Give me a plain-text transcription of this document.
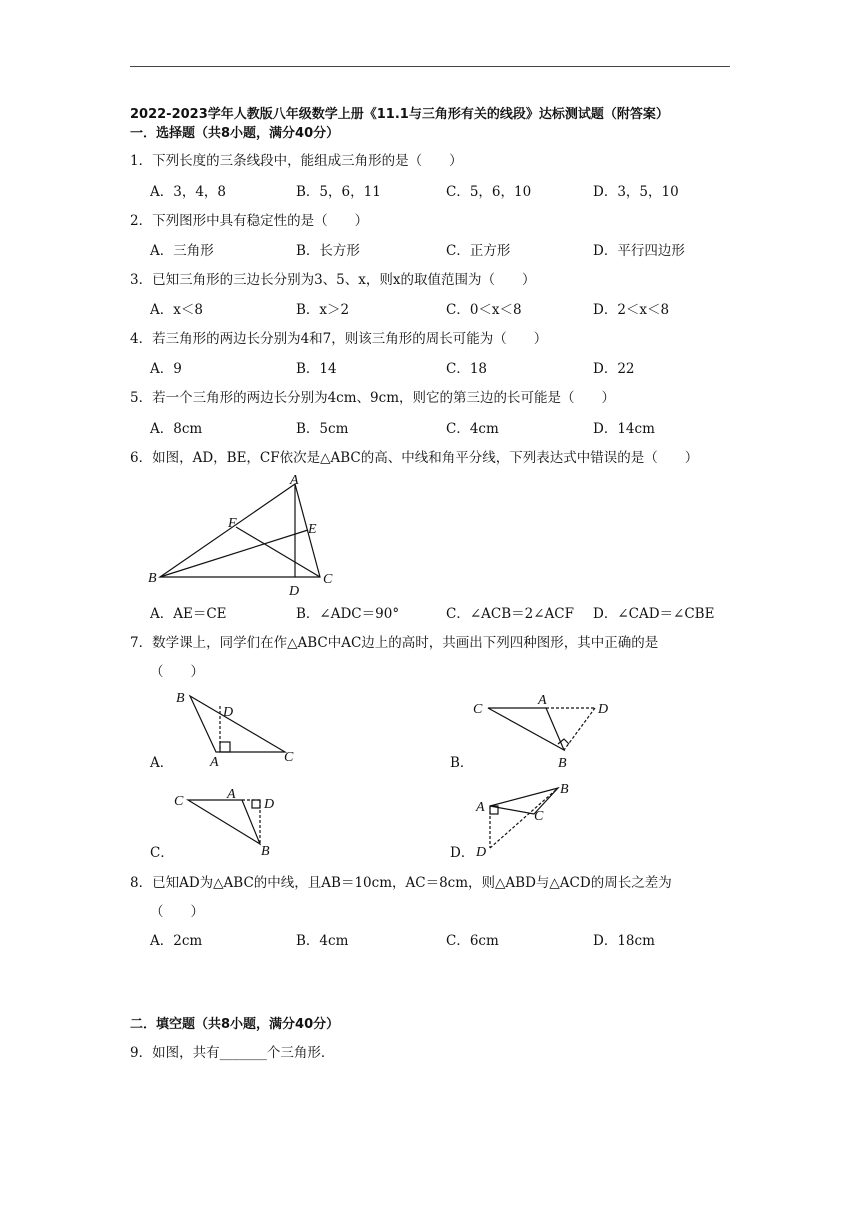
2022-2023学年人教版八年级数学上册《11.1与三角形有关的线段》达标测试题（附答案）
一．选择题（共8小题，满分40分）
1．下列长度的三条线段中，能组成三角形的是（　　）
A．3，4，8	B．5，6，11	C．5，6，10	D．3，5，10
2．下列图形中具有稳定性的是（　　）
A．三角形	B．长方形	C．正方形	D．平行四边形
3．已知三角形的三边长分别为3、5、x，则x的取值范围为（　　）
A．x＜8	B．x＞2	C．0＜x＜8	D．2＜x＜8
4．若三角形的两边长分别为4和7，则该三角形的周长可能为（　　）
A．9	B．14	C．18	D．22
5．若一个三角形的两边长分别为4cm、9cm，则它的第三边的长可能是（　　）
A．8cm	B．5cm	C．4cm	D．14cm
6．如图，AD，BE，CF依次是△ABC的高、中线和角平分线，下列表达式中错误的是（　　）
A
B	C
D
E
F
A．AE＝CE	B．∠ADC＝90°	C．∠ACB＝2∠ACF D．∠CAD＝∠CBE
7．数学课上，同学们在作△ABC中AC边上的高时，共画出下列四种图形，其中正确的是
（　　）
B
D
A	C
A．
C
A
D
B
B．
C	A
D
B
C．
A
B
C
D
D．
8．已知AD为△ABC的中线，且AB＝10cm，AC＝8cm，则△ABD与△ACD的周长之差为
（　　）
A．2cm	B．4cm	C．6cm	D．18cm
二．填空题（共8小题，满分40分）
9．如图，共有_______个三角形．
